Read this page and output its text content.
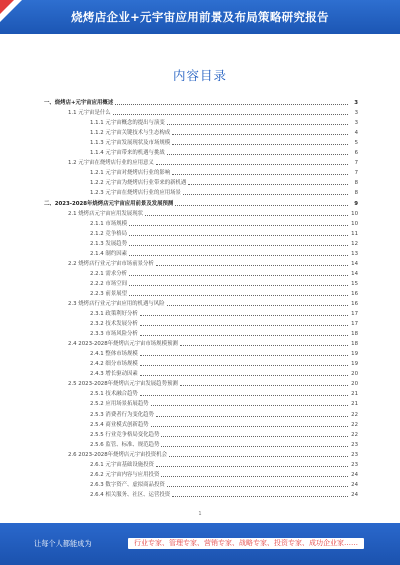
烧烤店企业+元宇宙应用前景及布局策略研究报告
内容目录
一、烧烤店+元宇宙应用概述	3
1.1 元宇宙是什么	3
1.1.1 元宇宙概念的提出与演变	3
1.1.2 元宇宙关键技术与生态构成	4
1.1.3 元宇宙发展现状及市场规模	5
1.1.4 元宇宙带来的机遇与挑战	6
1.2 元宇宙在烧烤店行业的应用意义	7
1.2.1 元宇宙对烧烤店行业的影响	7
1.2.2 元宇宙为烧烤店行业带来的新机遇	8
1.2.3 元宇宙在烧烤店行业的应用场景	8
二、2023-2028年烧烤店元宇宙应用前景及发展预测	9
2.1 烧烤店元宇宙应用发展现状	10
2.1.1 市场规模	10
2.1.2 竞争格局	11
2.1.3 发展趋势	12
2.1.4 制约因素	13
2.2 烧烤店行业元宇宙市场前景分析	14
2.2.1 需求分析	14
2.2.2 市场空间	15
2.2.3 前景展望	16
2.3 烧烤店行业元宇宙应用的机遇与风险	16
2.3.1 政策利好分析	17
2.3.2 技术发展分析	17
2.3.3 市场风险分析	18
2.4 2023-2028年烧烤店元宇宙市场规模预测	18
2.4.1 整体市场规模	19
2.4.2 细分市场规模	19
2.4.3 增长驱动因素	20
2.5 2023-2028年烧烤店元宇宙发展趋势预测	20
2.5.1 技术融合趋势	21
2.5.2 应用场景拓展趋势	21
2.5.3 消费者行为变化趋势	22
2.5.4 商业模式创新趋势	22
2.5.5 行业竞争格局变化趋势	22
2.5.6 监管、标准、规范趋势	23
2.6 2023-2028年烧烤店元宇宙投资机会	23
2.6.1 元宇宙基础设施投资	23
2.6.2 元宇宙内容与应用投资	24
2.6.3 数字资产、虚拟商品投资	24
2.6.4 相关服务、社区、运营投资	24
1
让每个人都能成为	行业专家、管理专家、营销专家、战略专家、投资专家、成功企业家……
